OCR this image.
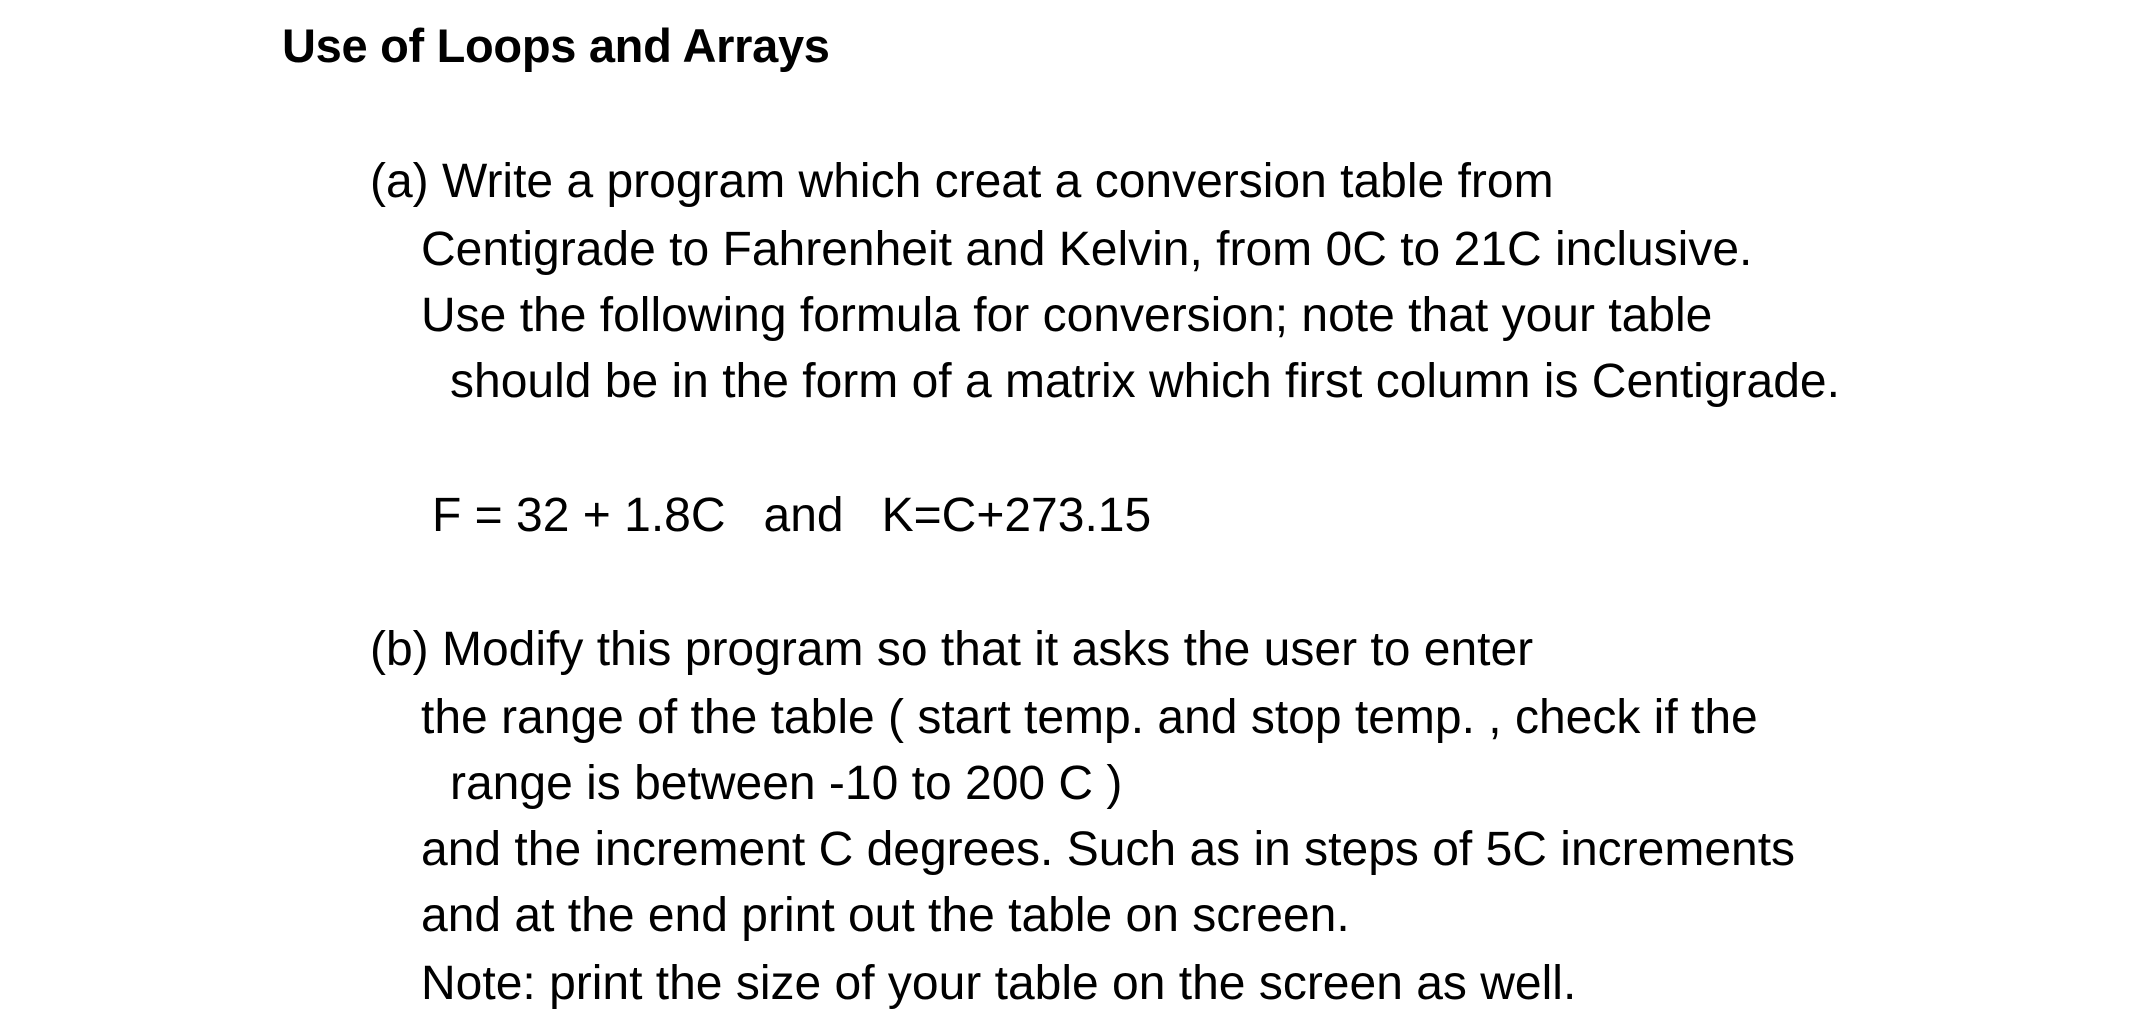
Use of Loops and Arrays
(a) Write a program which creat a conversion table from
Centigrade to Fahrenheit and Kelvin, from 0C to 21C inclusive.
Use the following formula for conversion; note that your table
should be in the form of a matrix which first column is Centigrade.
F = 32 + 1.8C and K=C+273.15
(b) Modify this program so that it asks the user to enter
the range of the table ( start temp. and stop temp. , check if the
range is between -10 to 200 C )
and the increment C degrees. Such as in steps of 5C increments
and at the end print out the table on screen.
Note: print the size of your table on the screen as well.
